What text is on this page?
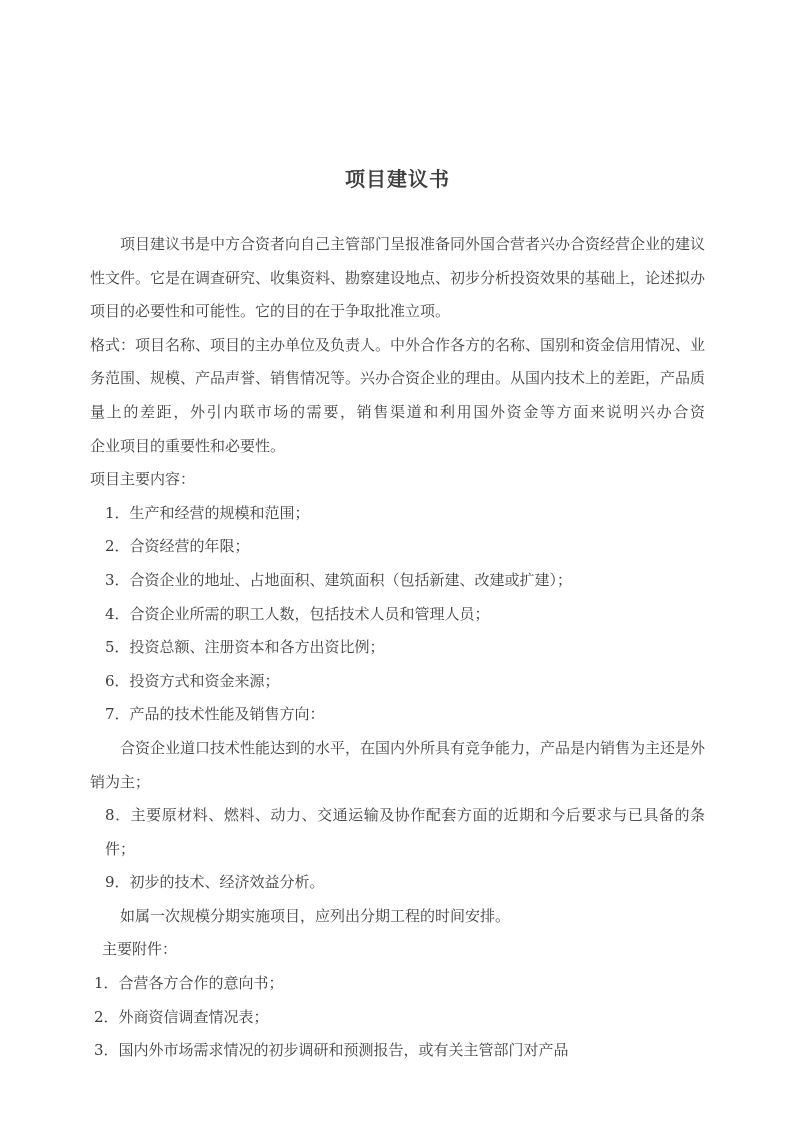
项目建议书

项目建议书是中方合资者向自己主管部门呈报准备同外国合营者兴办合资经营企业的建议性文件。它是在调查研究、收集资料、勘察建设地点、初步分析投资效果的基础上，论述拟办项目的必要性和可能性。它的目的在于争取批准立项。

格式：项目名称、项目的主办单位及负责人。中外合作各方的名称、国别和资金信用情况、业务范围、规模、产品声誉、销售情况等。兴办合资企业的理由。从国内技术上的差距，产品质量上的差距，外引内联市场的需要，销售渠道和利用国外资金等方面来说明兴办合资　　　　企业项目的重要性和必要性。

项目主要内容：

1．生产和经营的规模和范围；

2．合资经营的年限；

3．合资企业的地址、占地面积、建筑面积（包括新建、改建或扩建）；

4．合资企业所需的职工人数，包括技术人员和管理人员；

5．投资总额、注册资本和各方出资比例；

6．投资方式和资金来源；

7．产品的技术性能及销售方向：

合资企业道口技术性能达到的水平，在国内外所具有竞争能力，产品是内销售为主还是外销为主；

8．主要原材料、燃料、动力、交通运输及协作配套方面的近期和今后要求与已具备的条件；

9．初步的技术、经济效益分析。

如属一次规模分期实施项目，应列出分期工程的时间安排。

主要附件：

1．合营各方合作的意向书；

2．外商资信调查情况表；

3．国内外市场需求情况的初步调研和预测报告，或有关主管部门对产品
